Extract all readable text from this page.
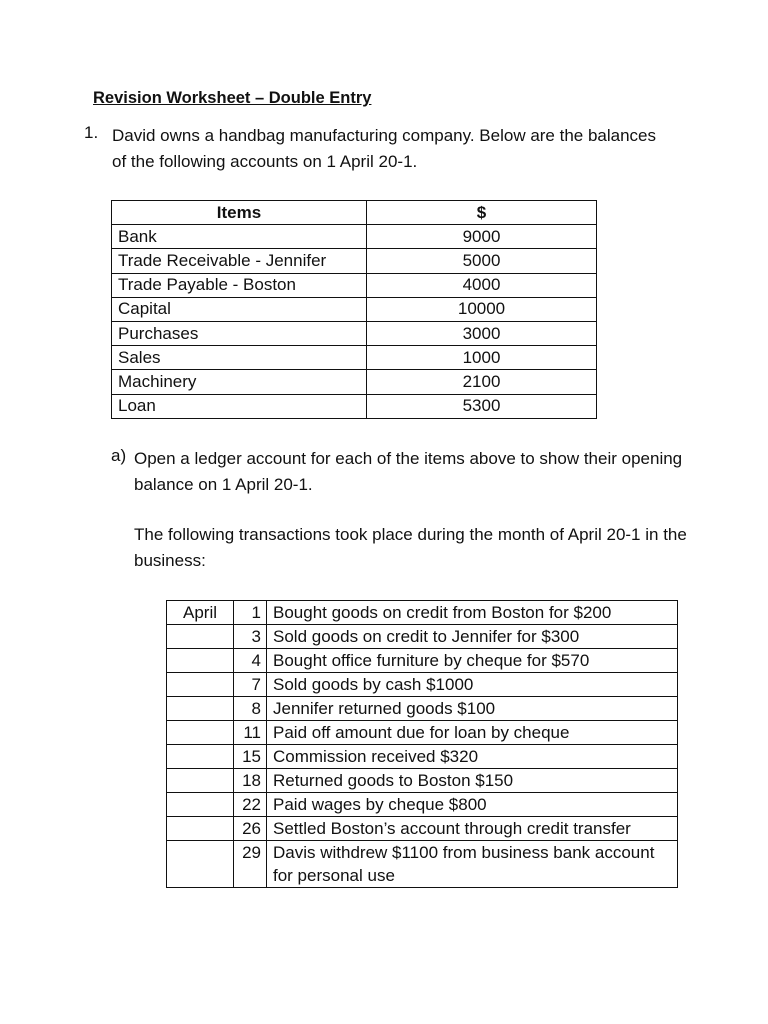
Revision Worksheet – Double Entry
1. David owns a handbag manufacturing company. Below are the balances of the following accounts on 1 April 20-1.
Items	$
Bank	9000
Trade Receivable - Jennifer	5000
Trade Payable - Boston	4000
Capital	10000
Purchases	3000
Sales	1000
Machinery	2100
Loan	5300
a) Open a ledger account for each of the items above to show their opening balance on 1 April 20-1.
The following transactions took place during the month of April 20-1 in the business:
April	1	Bought goods on credit from Boston for $200
	3	Sold goods on credit to Jennifer for $300
	4	Bought office furniture by cheque for $570
	7	Sold goods by cash $1000
	8	Jennifer returned goods $100
	11	Paid off amount due for loan by cheque
	15	Commission received $320
	18	Returned goods to Boston $150
	22	Paid wages by cheque $800
	26	Settled Boston’s account through credit transfer
	29	Davis withdrew $1100 from business bank account for personal use
